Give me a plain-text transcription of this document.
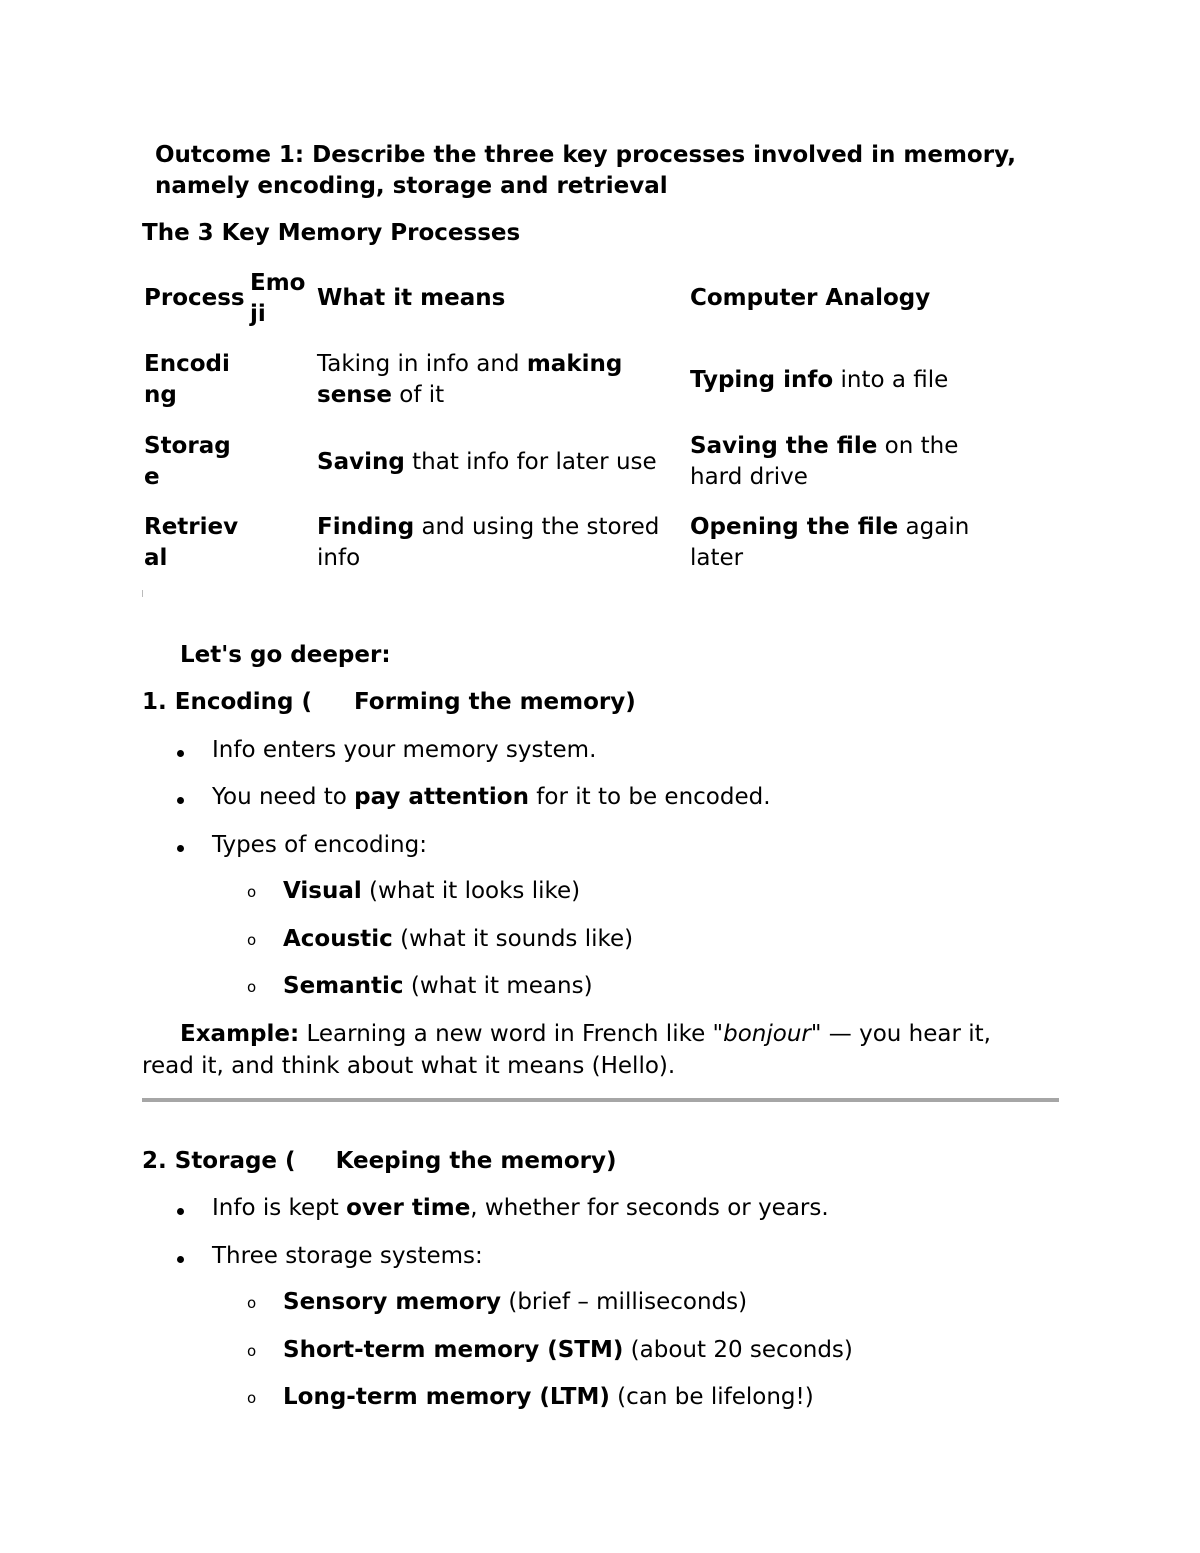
Outcome 1: Describe the three key processes involved in memory,
namely encoding, storage and retrieval
The 3 Key Memory Processes
Process
Emo
ji
What it means	Computer Analogy
Encodi
ng
Taking in info and making
sense of it
Typing info into a file
Storag
e
Saving that info for later use
Saving the file on the
hard drive
Retriev
al
Finding and using the stored
info
Opening the file again
later
Let's go deeper:
1. Encoding ( Forming the memory)
Info enters your memory system.
You need to pay attention for it to be encoded.
Types of encoding:
o Visual (what it looks like)
o Acoustic (what it sounds like)
o Semantic (what it means)
Example: Learning a new word in French like "bonjour" — you hear it,
read it, and think about what it means (Hello).
2. Storage ( Keeping the memory)
Info is kept over time, whether for seconds or years.
Three storage systems:
o Sensory memory (brief – milliseconds)
o Short-term memory (STM) (about 20 seconds)
o Long-term memory (LTM) (can be lifelong!)
